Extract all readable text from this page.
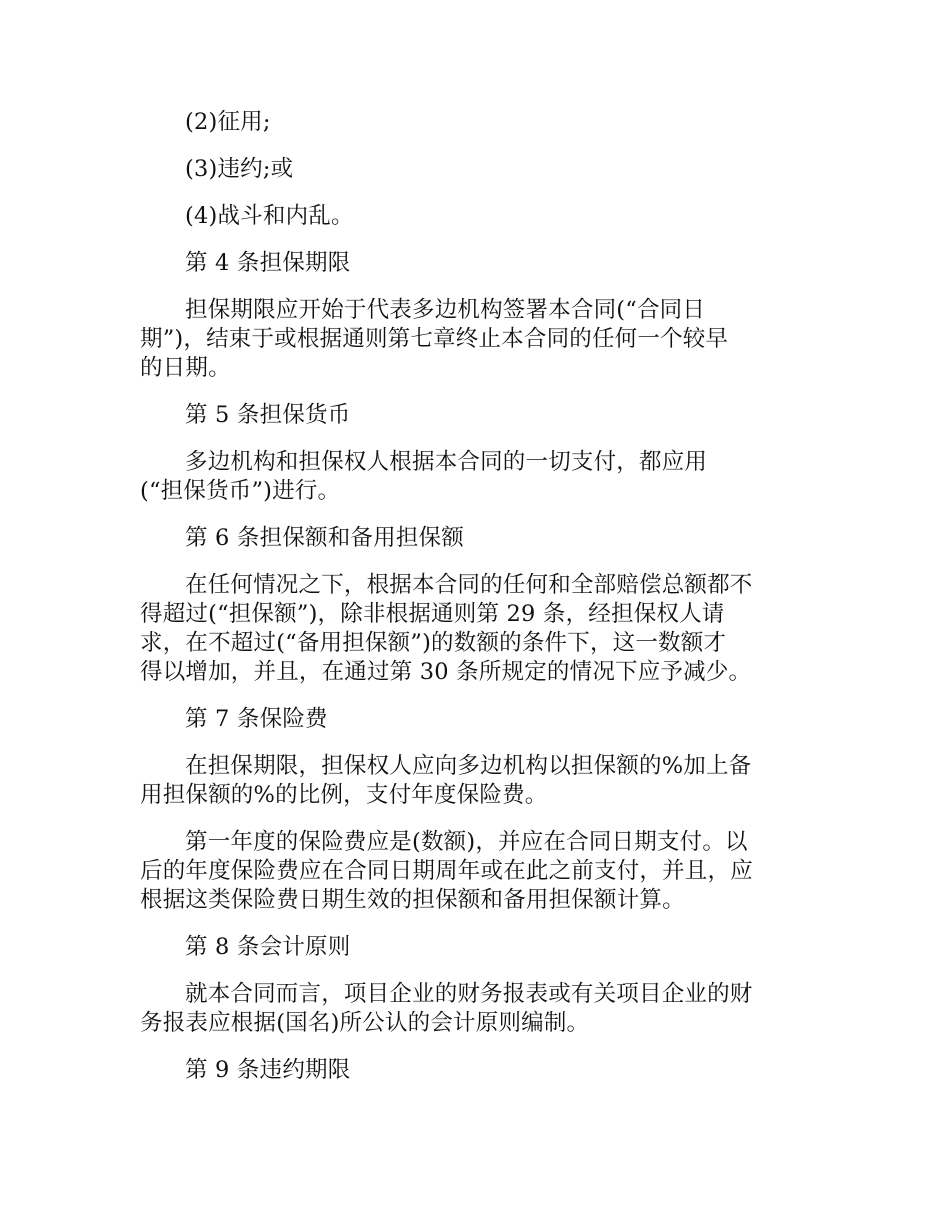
(2)征用;

(3)违约;或

(4)战斗和内乱。

第 4 条担保期限

担保期限应开始于代表多边机构签署本合同(“合同日
期”)，结束于或根据通则第七章终止本合同的任何一个较早
的日期。

第 5 条担保货币

多边机构和担保权人根据本合同的一切支付，都应用
(“担保货币”)进行。

第 6 条担保额和备用担保额

在任何情况之下，根据本合同的任何和全部赔偿总额都不
得超过(“担保额”)，除非根据通则第 29 条，经担保权人请
求，在不超过(“备用担保额”)的数额的条件下，这一数额才
得以增加，并且，在通过第 30 条所规定的情况下应予减少。

第 7 条保险费

在担保期限，担保权人应向多边机构以担保额的%加上备
用担保额的%的比例，支付年度保险费。

第一年度的保险费应是(数额)，并应在合同日期支付。以
后的年度保险费应在合同日期周年或在此之前支付，并且，应
根据这类保险费日期生效的担保额和备用担保额计算。

第 8 条会计原则

就本合同而言，项目企业的财务报表或有关项目企业的财
务报表应根据(国名)所公认的会计原则编制。

第 9 条违约期限
